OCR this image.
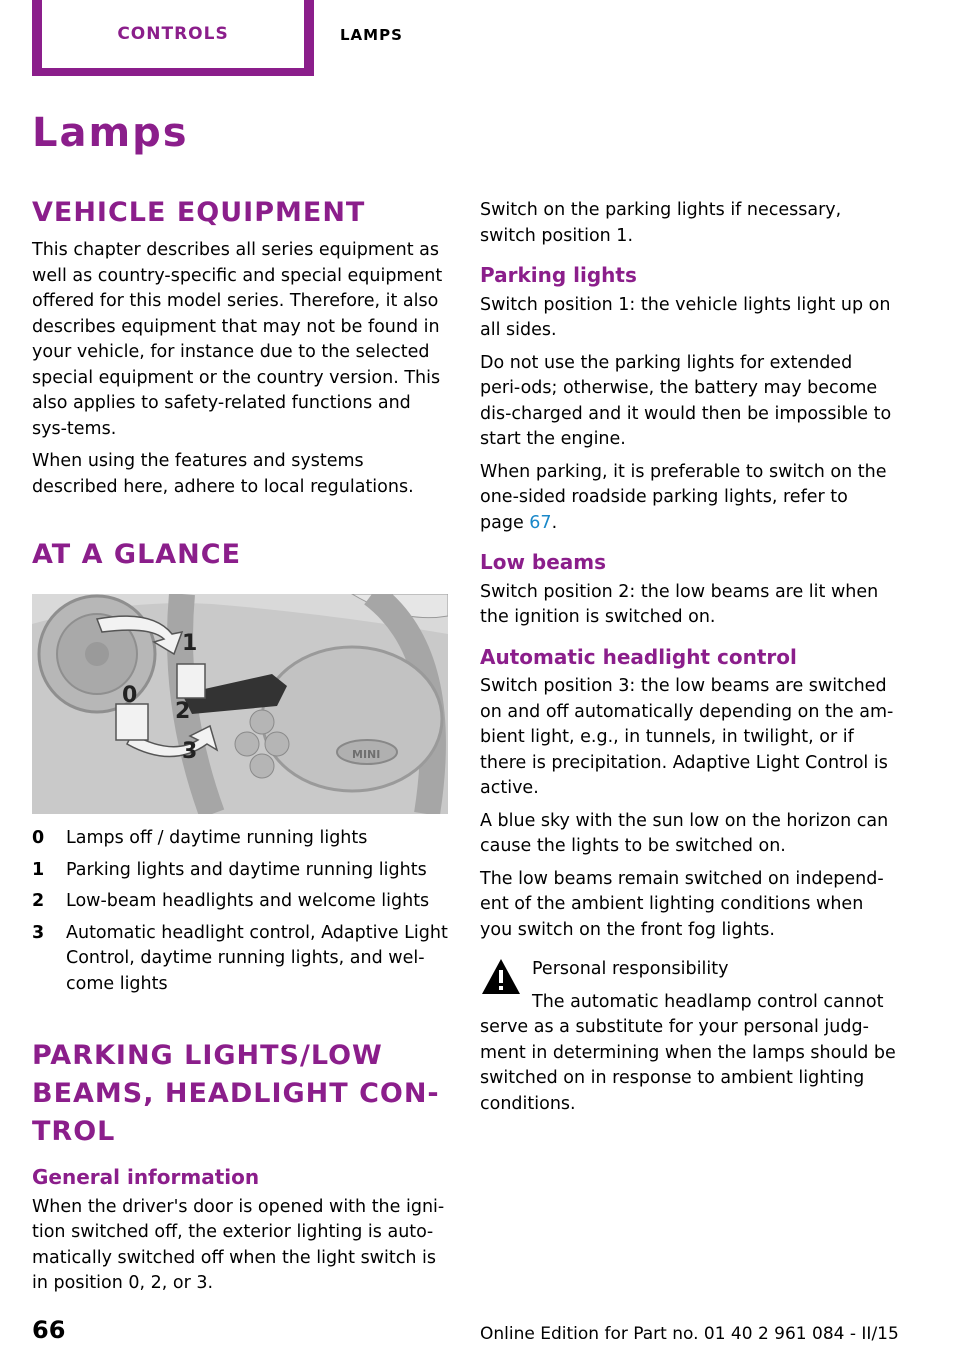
CONTROLS	LAMPS
Lamps
VEHICLE EQUIPMENT

This chapter describes all series equipment as well as country-specific and special equipment offered for this model series. Therefore, it also describes equipment that may not be found in your vehicle, for instance due to the selected special equipment or the country version. This also applies to safety-related functions and sys‐tems.

When using the features and systems described here, adhere to local regulations.

AT A GLANCE
MINI
1
0
2
3
0	Lamps off / daytime running lights
1	Parking lights and daytime running lights
2	Low-beam headlights and welcome lights
3	Automatic headlight control, Adaptive Light Control, daytime running lights, and wel‐come lights
PARKING LIGHTS/LOW BEAMS, HEADLIGHT CON‐TROL
General information

When the driver's door is opened with the igni‐tion switched off, the exterior lighting is auto‐matically switched off when the light switch is in position 0, 2, or 3.

Switch on the parking lights if necessary, switch position 1.

Parking lights

Switch position 1: the vehicle lights light up on all sides.

Do not use the parking lights for extended peri‐ods; otherwise, the battery may become dis‐charged and it would then be impossible to start the engine.

When parking, it is preferable to switch on the one-sided roadside parking lights, refer to page 67.

Low beams

Switch position 2: the low beams are lit when the ignition is switched on.

Automatic headlight control

Switch position 3: the low beams are switched on and off automatically depending on the am‐bient light, e.g., in tunnels, in twilight, or if there is precipitation. Adaptive Light Control is active.

A blue sky with the sun low on the horizon can cause the lights to be switched on.

The low beams remain switched on independ‐ent of the ambient lighting conditions when you switch on the front fog lights.

Personal responsibility

The automatic headlamp control cannot serve as a substitute for your personal judg‐ment in determining when the lamps should be switched on in response to ambient lighting conditions.

66	Online Edition for Part no. 01 40 2 961 084 - II/15
